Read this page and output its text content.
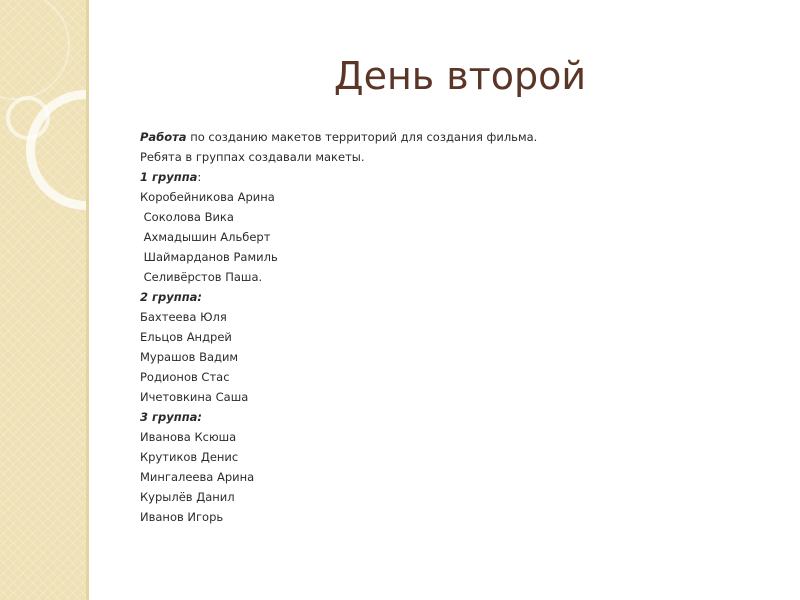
День второй
Работа по созданию макетов территорий для создания фильма.
Ребята в группах создавали макеты.
1 группа:
Коробейникова Арина
Соколова Вика
Ахмадышин Альберт
Шаймарданов Рамиль
Селивёрстов Паша.
2 группа:
Бахтеева Юля
Ельцов Андрей
Мурашов Вадим
Родионов Стас
Ичетовкина Саша
3 группа:
Иванова Ксюша
Крутиков Денис
Мингалеева Арина
Курылёв Данил
Иванов Игорь
